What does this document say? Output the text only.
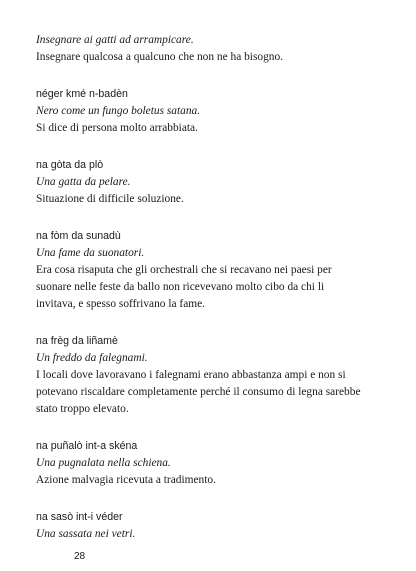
Insegnare ai gatti ad arrampicare.
Insegnare qualcosa a qualcuno che non ne ha bisogno.
néger kmé n-badèn
Nero come un fungo boletus satana.
Si dice di persona molto arrabbiata.
na gòta da plò
Una gatta da pelare.
Situazione di difficile soluzione.
na fòm da sunadù
Una fame da suonatori.
Era cosa risaputa che gli orchestrali che si recavano nei paesi per
suonare nelle feste da ballo non ricevevano molto cibo da chi li
invitava, e spesso soffrivano la fame.
na frèg da liñamè
Un freddo da falegnami.
I locali dove lavoravano i falegnami erano abbastanza ampi e non si
potevano riscaldare completamente perché il consumo di legna sarebbe
stato troppo elevato.
na puñalò int-a skéna
Una pugnalata nella schiena.
Azione malvagia ricevuta a tradimento.
na sasò int-i véder
Una sassata nei vetri.
28
